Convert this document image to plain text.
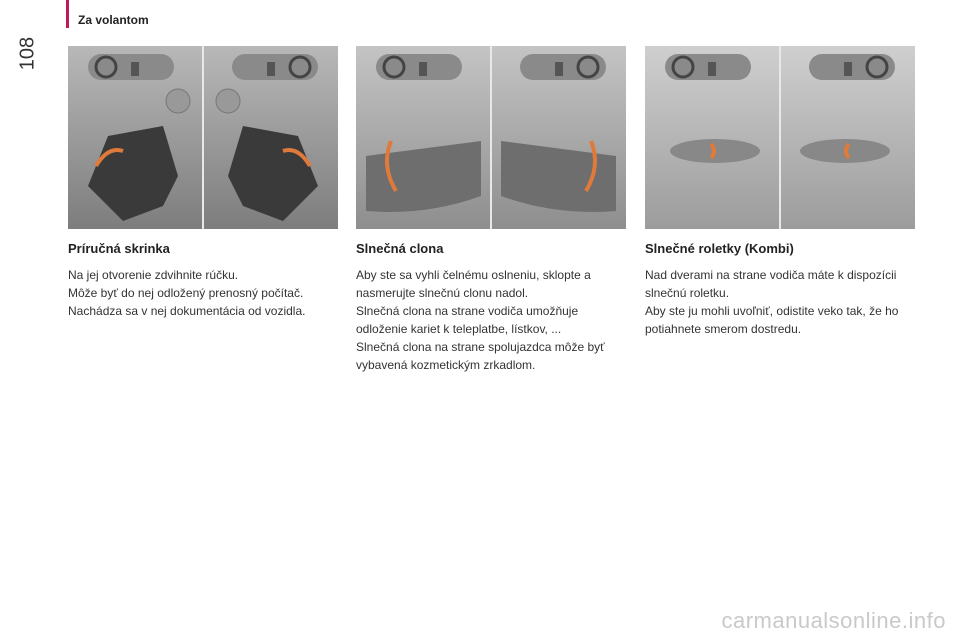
Za volantom
108
Príručná skrinka

Na jej otvorenie zdvihnite rúčku.

Môže byť do nej odložený prenosný počítač.

Nachádza sa v nej dokumentácia od vozidla.

Slnečná clona

Aby ste sa vyhli čelnému oslneniu, sklopte a nasmerujte slnečnú clonu nadol.

Slnečná clona na strane vodiča umožňuje odloženie kariet k teleplatbe, lístkov, ...

Slnečná clona na strane spolujazdca môže byť vybavená kozmetickým zrkadlom.

Slnečné roletky (Kombi)

Nad dverami na strane vodiča máte k dispozícii slnečnú roletku.

Aby ste ju mohli uvoľniť, odistite veko tak, že ho potiahnete smerom dostredu.

carmanualsonline.info
